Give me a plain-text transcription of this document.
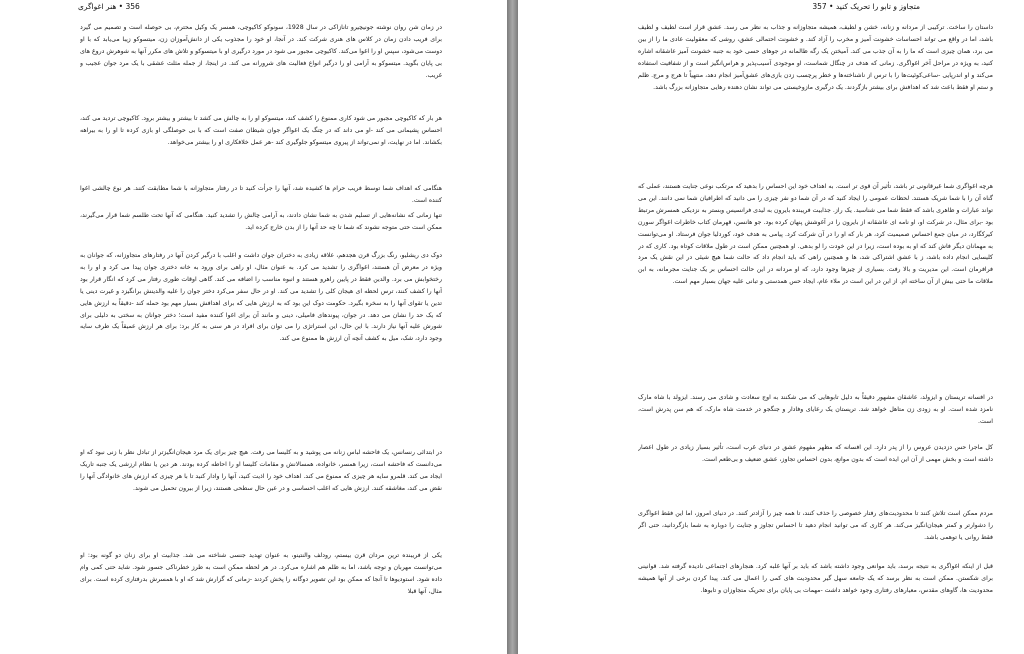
356 • هنر اغواگری

در زمان شن روان نوشته جونیچیرو تانازاکی در سال 1928، سونوکو کاکیوچی، همسر یک وکیل محترم، بی حوصله است و تصمیم می گیرد برای فریب دادن زمان در کلاس های هنری شرکت کند. در آنجا، او خود را مجذوب یکی از دانش‌آموزان زن، میتسوکو زیبا می‌یابد که با او دوست می‌شود، سپس او را اغوا می‌کند. کاکیوچی مجبور می شود در مورد درگیری او با میتسوکو و تلاش های مکرر آنها به شوهرش دروغ های بی پایان بگوید. میتسوکو به آرامی او را درگیر انواع فعالیت های شرورانه می کند. در اینجا، از جمله مثلث عشقی با یک مرد جوان عجیب و غریب.

هر بار که کاکیوچی مجبور می شود کاری ممنوع را کشف کند، میتسوکو او را به چالش می کشد تا بیشتر و بیشتر برود. کاکیوچی تردید می کند، احساس پشیمانی می کند -او می داند که در چنگ یک اغواگر جوان شیطان صفت است که با بی حوصلگی او بازی کرده تا او را به بیراهه بکشاند. اما در نهایت، او نمی‌تواند از پیروی میتسوکو جلوگیری کند -هر عمل خلافکاری او را بیشتر می‌خواهد.

هنگامی که اهداف شما توسط فریب حرام ها کشیده شد، آنها را جرأت کنید تا در رفتار متجاوزانه با شما مطابقت کنند. هر نوع چالشی اغوا کننده است.

تنها زمانی که نشانه‌هایی از تسلیم شدن به شما نشان دادند، به آرامی چالش را تشدید کنید. هنگامی که آنها تحت طلسم شما قرار می‌گیرند، ممکن است حتی متوجه نشوند که شما تا چه حد آنها را از بدن خارج کرده اید.

دوک دی ریشلیو، رنگ بزرگ قرن هجدهم، علاقه زیادی به دختران جوان داشت و اغلب با درگیر کردن آنها در رفتارهای متجاوزانه، که جوانان به ویژه در معرض آن هستند، اغواگری را تشدید می کرد. به عنوان مثال، او راهی برای ورود به خانه دختری جوان پیدا می کرد و او را به رختخوابش می برد. والدین فقط در پایین راهرو هستند و انبوه مناسب را اضافه می کند. گاهی اوقات طوری رفتار می کرد که انگار قرار بود آنها را کشف کنند، ترس لحظه ای هیجان کلی را تشدید می کند. او در حال سفر می‌کرد دختر جوان را علیه والدینش برانگیزد و غیرت دینی یا تدین یا تقوای آنها را به سخره بگیرد. حکومت دوک این بود که به ارزش هایی که برای اهدافش بسیار مهم بود حمله کند -دقیقاً به ارزش هایی که یک حد را نشان می دهد. در جوان، پیوندهای فامیلی، دینی و مانند آن برای اغوا کننده مفید است؛ دختر جوانان به سختی به دلیلی برای شورش علیه آنها نیاز دارند. با این حال، این استراتژی را می توان برای افراد در هر سنی به کار برد: برای هر ارزش عمیقاً یک طرف سایه وجود دارد، شک، میل به کشف آنچه آن ارزش ها ممنوع می کند.

در ابتدائی رنسانس، یک فاحشه لباس زنانه می پوشید و به کلیسا می رفت. هیچ چیز برای یک مرد هیجان‌انگیزتر از تبادل نظر با زنی نبود که او می‌دانست که فاحشه است، زیرا همسر، خانواده، همسالانش و مقامات کلیسا او را احاطه کرده بودند. هر دین یا نظام ارزشی یک جنبه تاریک ایجاد می کند. قلمرو سایه هر چیزی که ممنوع می کند. اهداف خود را اذیت کنید، آنها را وادار کنید تا با هر چیزی که ارزش های خانوادگی آنها را نقض می کند، مغاشقه کنند. ارزش هایی که اغلب احساسی و در عین حال سطحی هستند، زیرا از بیرون تحمیل می شوند.

یکی از فریبنده ترین مردان قرن بیستم، رودلف والنتینو، به عنوان تهدید جنسی شناخته می شد. جذابیت او برای زنان دو گونه بود: او می‌توانست مهربان و توجه باشد، اما به ظلم هم اشاره می‌کرد. در هر لحظه ممکن است به طرز خطرناکی جسور شود. شاید حتی کمی وام داده شود. استودیوها تا آنجا که ممکن بود این تصویر دوگانه را پخش کردند -زمانی که گزارش شد که او با همسرش بدرفتاری کرده است. برای مثال، آنها قبلا

متجاوز و تابو را تحریک کنید • 357

داستان را ساخت. ترکیبی از مردانه و زنانه، خشن و لطیف، همیشه متجاوزانه و جذاب به نظر می رسد. عشق قرار است لطیف و لطیف باشد، اما در واقع می تواند احساسات خشونت آمیز و مخرب را آزاد کند. و خشونت احتمالی عشق، روشی که معقولیت عادی ما را از بین می برد، همان چیزی است که ما را به آن جذب می کند. آمیختن یک رگه ظالمانه در جوهای حسی خود به جنبه خشونت آمیز عاشقانه اشاره کنید، به ویژه در مراحل آخر اغواگری. زمانی که هدف در چنگال شماست، او موجودی آسیب‌پذیر و هراس‌انگیز است و از شفافیت استفاده می‌کند و او اندرپایی -ساعی‌کوئیت‌ها را با ترس از ناشناخته‌ها و خطر پرچسب زدن بازی‌های عشق‌آمیز انجام دهد، منتهیاً تا هرج و مرج. ظلم و ستم او فقط باعث شد که اهدافش برای بیشتر بازگردند. یک درگیری مازوخیستی می تواند نشان دهنده رهایی متجاوزانه بزرگ باشد.

هرچه اغواگری شما غیرقانونی تر باشد، تأثیر آن قوی تر است. به اهداف خود این احساس را بدهید که مرتکب نوعی جنایت هستند، عملی که گناه آن را با شما شریک هستند. لحظات عمومی را ایجاد کنید که در آن شما دو نفر چیزی را می دانید که اطرافیان شما نمی دانند. این می تواند عبارات و ظاهری باشد که فقط شما می شناسید. یک راز. جذابیت فریبنده بایرون به لیدی فرانسیس وبستر به نزدیکی همسرش مرتبط بود -برای مثال، در شرکت او، او نامه ای عاشقانه از بایرون را در آغوشش پنهان کرده بود. جو هانسن، قهرمان کتاب خاطرات اغواگر سورن کیرکگارد، در میان جمع احساس صمیمیت کرد، هر بار که او را در آن شرکت کرد. پیامی به هدف خود، کوردلیا جوان فرستاد. او می‌توانست به مهمانان دیگر فاش کند که او به بوده است، زیرا در این خودت را لو بدهی. او همچنین ممکن است در طول ملاقات کوتاه بود. کاری که در کلیسایی انجام داده باشد، ز با عشق اشتراکی شد، ها و همچنین راهی که باید انجام داد که حالت شما هیچ شیئی در این نقش یک مرد فرافرمان است. این مدیریت و بالا رفت. بسیاری از چیزها وجود دارد، که او مردانه در این حالت احساس بر یک جنایت مجرمانه، به ابن ملاقات ما حتی بیش از آن ساخته ام. از این در این است در ملاء عام، ایجاد حس همدستی و تبانی علیه جهان بسیار مهم است.

در افسانه تریستان و ایزولد، عاشقان مشهور دقیقاً به دلیل تابوهایی که می شکنند به اوج سعادت و شادی می رسند. ایزولد با شاه مارک نامزد شده است. او به زودی زن متاهل خواهد شد. تریستان یک رعایای وفادار و جنگجو در خدمت شاه مارک، که هم سن پدرش است، است.

کل ماجرا حس دزدیدن عروس را از پدر دارد. این افسانه که مظهر مفهوم عشق در دنیای غرب است، تأثیر بسیار زیادی در طول اعصار داشته است و بخش مهمی از آن این ایده است که بدون موانع، بدون احساس تجاوز، عشق ضعیف و بی‌طعم است.

مردم ممکن است تلاش کنند تا محدودیت‌های رفتار خصوصی را حذف کنند، تا همه چیز را آزادتر کنند. در دنیای امروز، اما این فقط اغواگری را دشوارتر و کمتر هیجان‌انگیز می‌کند. هر کاری که می توانید انجام دهید تا احساس تجاوز و جنایت را دوباره به شما بازگردانید، حتی اگر فقط روانی یا توهمی باشد.

قبل از اینکه اغواگری به نتیجه برسد، باید موانعی وجود داشته باشد که باید بر آنها غلبه کرد. هنجارهای اجتماعی نادیده گرفته شد. قوانینی برای شکستن. ممکن است به نظر برسد که یک جامعه سهل گیر محدودیت های کمی را اعمال می کند. پیدا کردن برخی از آنها همیشه محدودیت ها، گاوهای مقدس، معیارهای رفتاری وجود خواهد داشت -مهمات بی پایان برای تحریک متجاوزان و تابوها.
